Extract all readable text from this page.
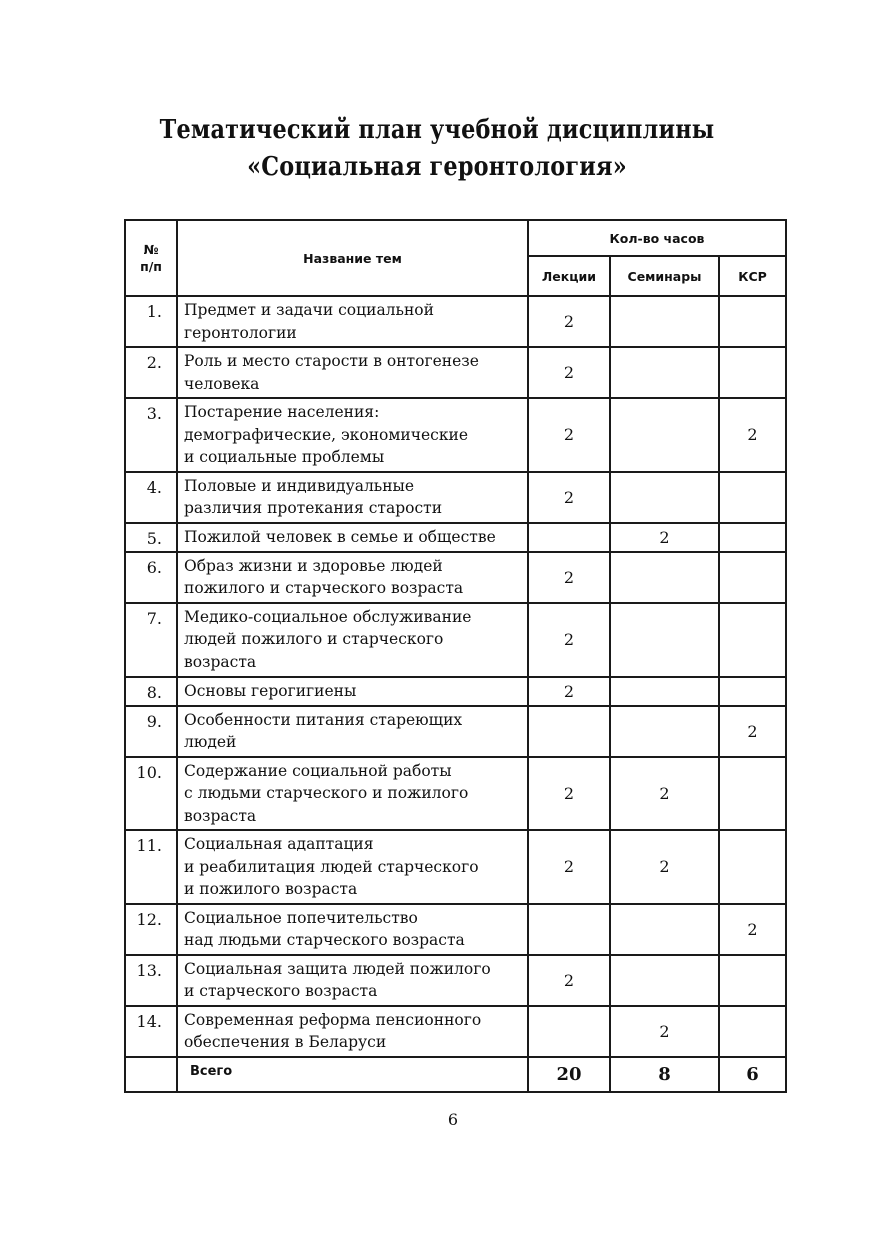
Тематический план учебной дисциплины
«Социальная геронтология»
№
п/п	Название тем	Кол-во часов		
		Лекции	Семинары	КСР
1.	Предмет и задачи социальной
геронтологии	2		
2.	Роль и место старости в онтогенезе
человека	2		
3.	Постарение населения:
демографические, экономические
и социальные проблемы	2		2
4.	Половые и индивидуальные
различия протекания старости	2		
5.	Пожилой человек в семье и обществе		2	
6.	Образ жизни и здоровье людей
пожилого и старческого возраста	2		
7.	Медико-социальное обслуживание
людей пожилого и старческого
возраста	2		
8.	Основы герогигиены	2		
9.	Особенности питания стареющих
людей			2
10.	Содержание социальной работы
с людьми старческого и пожилого
возраста	2	2	
11.	Социальная адаптация
и реабилитация людей старческого
и пожилого возраста	2	2	
12.	Социальное попечительство
над людьми старческого возраста			2
13.	Социальная защита людей пожилого
и старческого возраста	2		
14.	Современная реформа пенсионного
обеспечения в Беларуси		2	
	Всего	20	8	6
6
